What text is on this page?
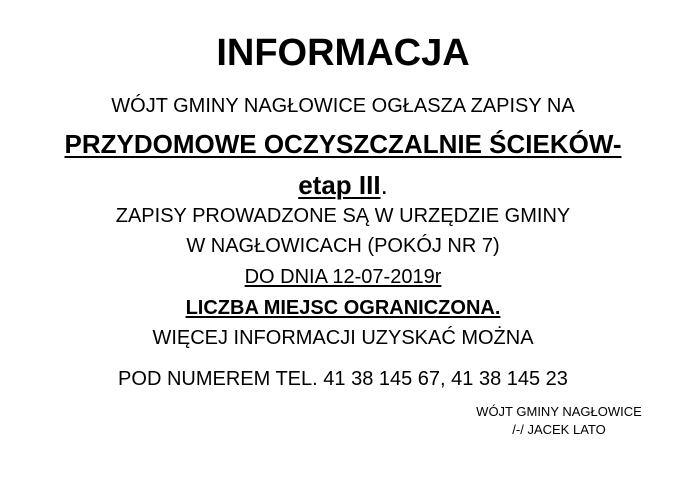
INFORMACJA
WÓJT GMINY NAGŁOWICE OGŁASZA ZAPISY NA
PRZYDOMOWE OCZYSZCZALNIE ŚCIEKÓW-
etap III.
ZAPISY PROWADZONE SĄ W URZĘDZIE GMINY
W NAGŁOWICACH (POKÓJ NR 7)
DO DNIA 12-07-2019r
LICZBA MIEJSC OGRANICZONA.
WIĘCEJ INFORMACJI UZYSKAĆ MOŻNA
POD NUMEREM TEL. 41 38 145 67, 41 38 145 23
WÓJT GMINY NAGŁOWICE
/-/ JACEK LATO
